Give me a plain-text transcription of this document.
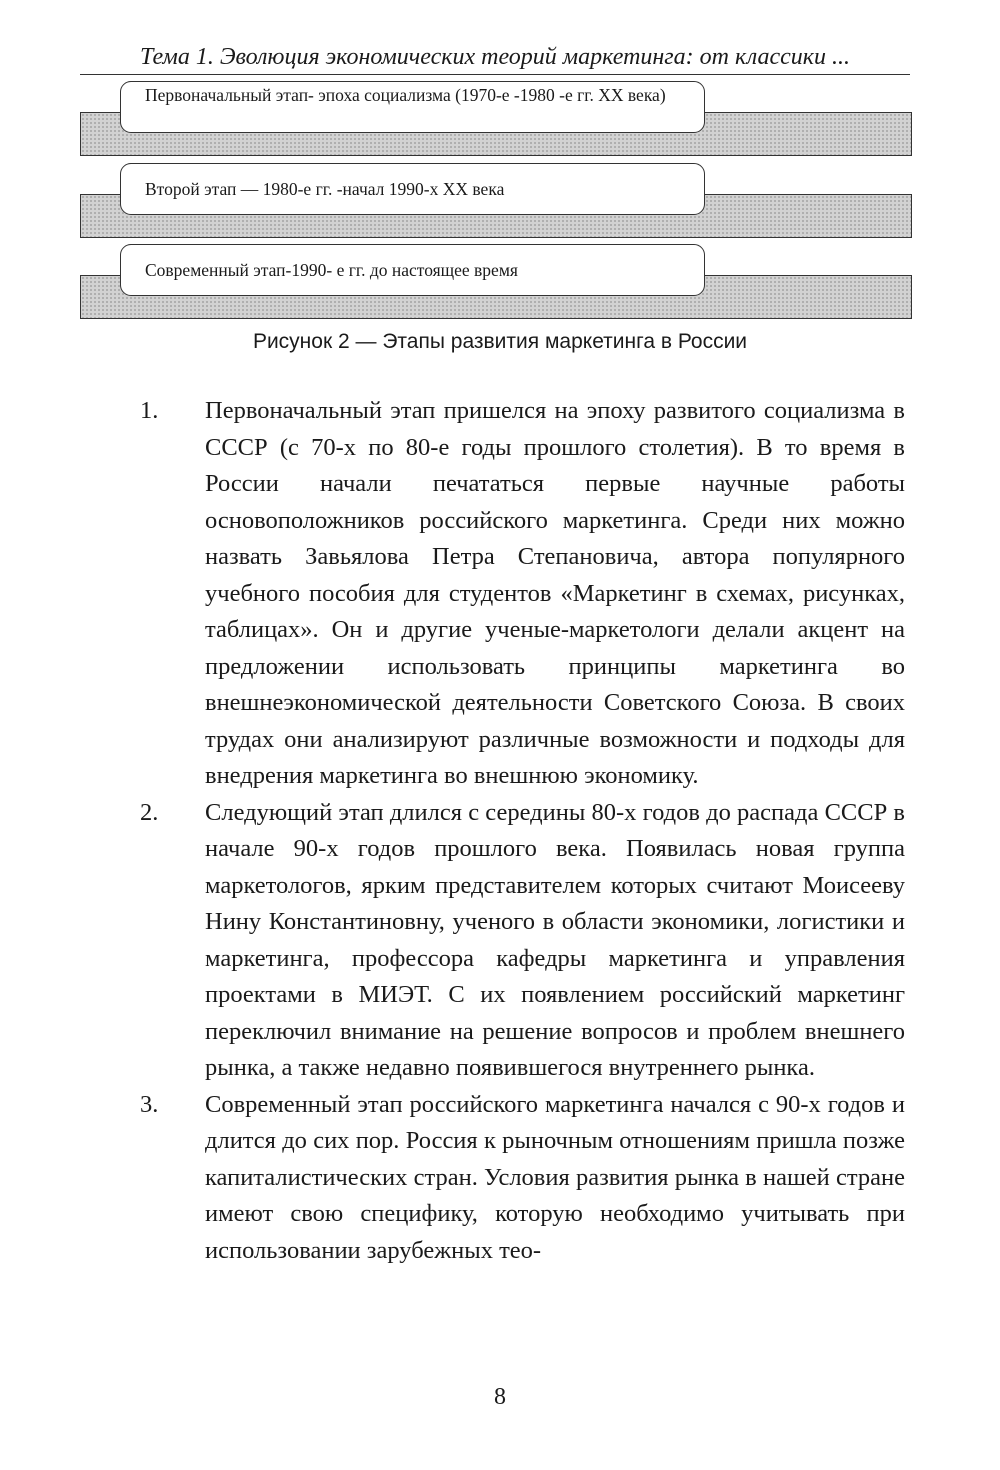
Тема 1. Эволюция экономических теорий маркетинга: от классики ...
Первоначальный этап- эпоха социализма (1970-е -1980 -е гг. XX века)
Второй этап — 1980-е гг. -начал 1990-х XX века
Современный этап-1990- е гг. до настоящее время
Рисунок 2 — Этапы развития маркетинга в России
1. Первоначальный этап пришелся на эпоху развитого социализма в СССР (с 70-х по 80-е годы прошлого столетия). В то время в России начали печататься первые научные работы основоположников российского маркетинга. Среди них можно назвать Завьялова Петра Степановича, автора популярного учебного пособия для студентов «Маркетинг в схемах, рисунках, таблицах». Он и другие ученые-маркетологи делали акцент на предложении использовать принципы маркетинга во внешнеэкономической деятельности Советского Союза. В своих трудах они анализируют различные возможности и подходы для внедрения маркетинга во внешнюю экономику.

2. Следующий этап длился с середины 80-х годов до распада СССР в начале 90-х годов прошлого века. Появилась новая группа маркетологов, ярким представителем которых считают Моисееву Нину Константиновну, ученого в области экономики, логистики и маркетинга, профессора кафедры маркетинга и управления проектами в МИЭТ. С их появлением российский маркетинг переключил внимание на решение вопросов и проблем внешнего рынка, а также недавно появившегося внутреннего рынка.

3. Современный этап российского маркетинга начался с 90-х годов и длится до сих пор. Россия к рыночным отношениям пришла позже капиталистических стран. Условия развития рынка в нашей стране имеют свою специфику, которую необходимо учитывать при использовании зарубежных тео-

8
